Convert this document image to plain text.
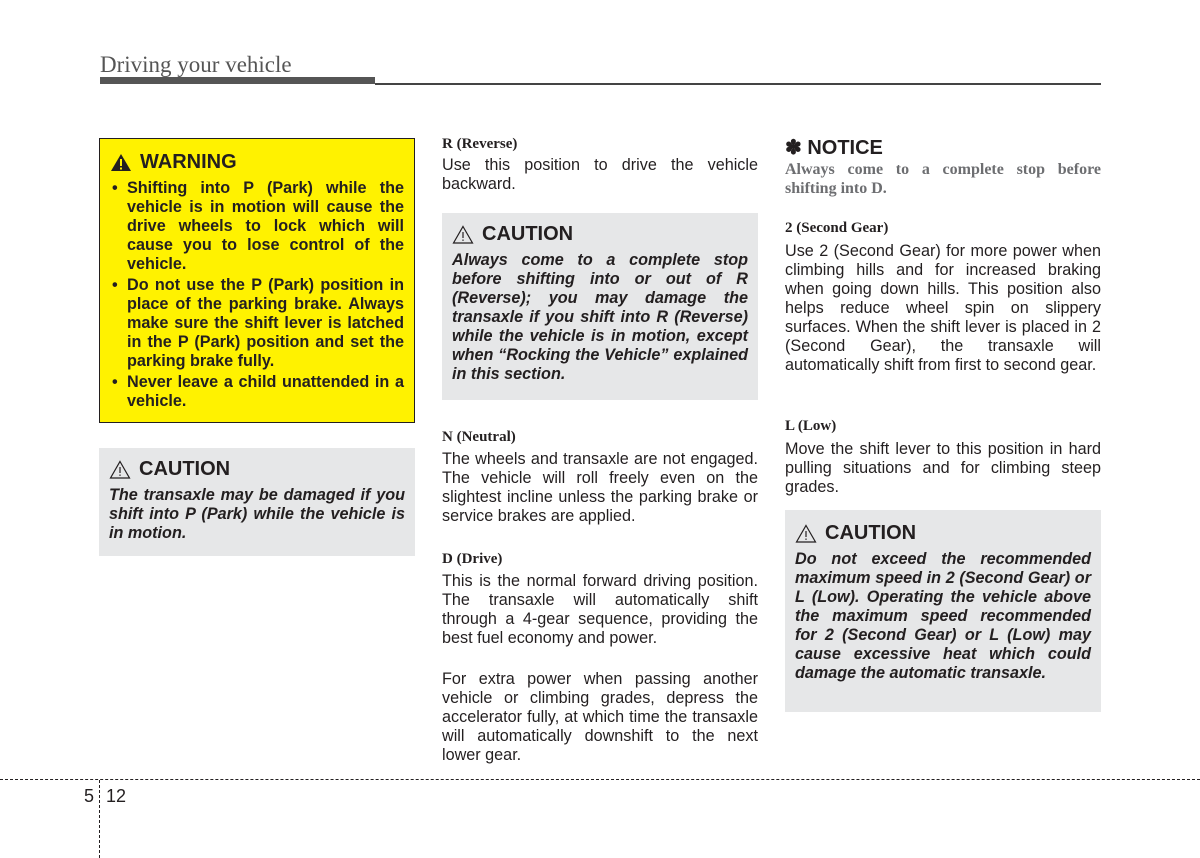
Driving your vehicle
WARNING
• Shifting into P (Park) while the vehicle is in motion will cause the drive wheels to lock which will cause you to lose control of the vehicle.
• Do not use the P (Park) position in place of the parking brake. Always make sure the shift lever is latched in the P (Park) position and set the parking brake fully.
• Never leave a child unattended in a vehicle.
CAUTION
The transaxle may be damaged if you shift into P (Park) while the vehicle is in motion.
R (Reverse)
Use this position to drive the vehicle backward.
CAUTION
Always come to a complete stop before shifting into or out of R (Reverse); you may damage the transaxle if you shift into R (Reverse) while the vehicle is in motion, except when “Rocking the Vehicle” explained in this section.
N (Neutral)
The wheels and transaxle are not engaged. The vehicle will roll freely even on the slightest incline unless the parking brake or service brakes are applied.
D (Drive)
This is the normal forward driving position. The transaxle will automatically shift through a 4-gear sequence, providing the best fuel economy and power.
For extra power when passing another vehicle or climbing grades, depress the accelerator fully, at which time the transaxle will automatically downshift to the next lower gear.
✽ NOTICE
Always come to a complete stop before shifting into D.
2 (Second Gear)
Use 2 (Second Gear) for more power when climbing hills and for increased braking when going down hills. This position also helps reduce wheel spin on slippery surfaces. When the shift lever is placed in 2 (Second Gear), the transaxle will automatically shift from first to second gear.
L (Low)
Move the shift lever to this position in hard pulling situations and for climbing steep grades.
CAUTION
Do not exceed the recommended maximum speed in 2 (Second Gear) or L (Low). Operating the vehicle above the maximum speed recommended for 2 (Second Gear) or L (Low) may cause excessive heat which could damage the automatic transaxle.
5 12
